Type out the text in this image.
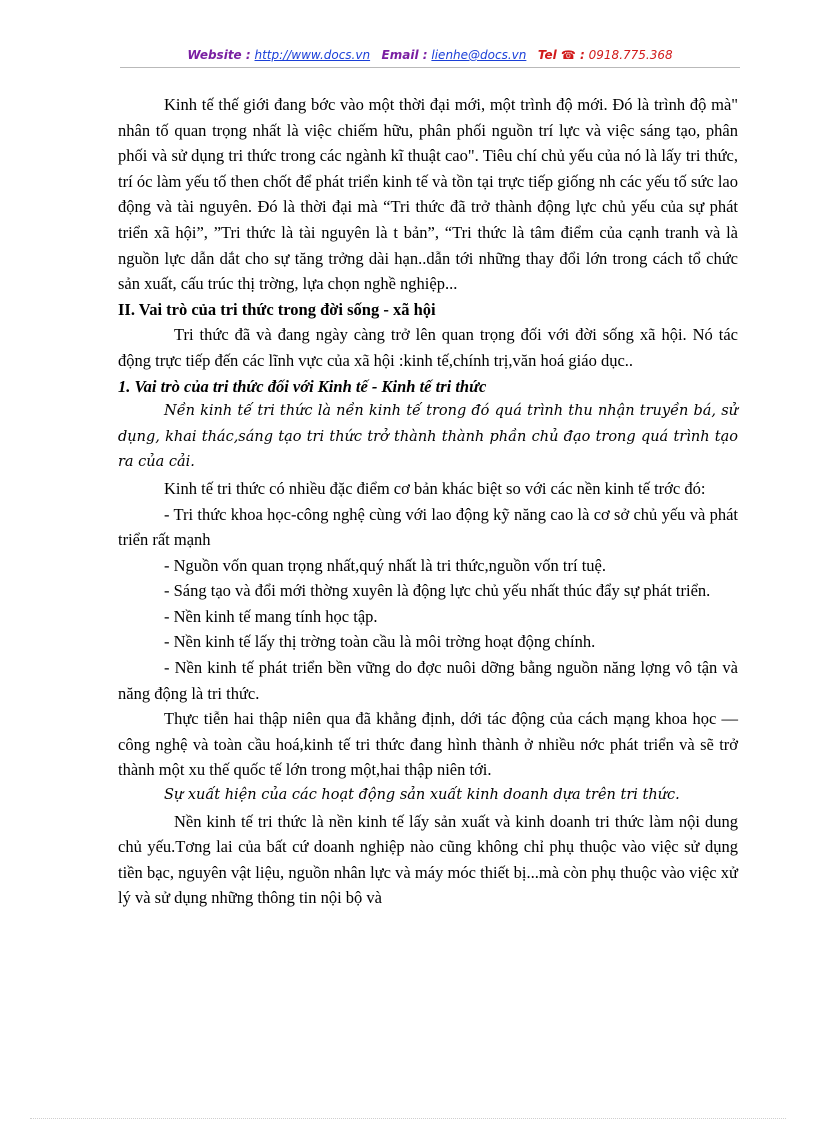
Website : http://www.docs.vn Email : lienhe@docs.vn Tel ☎ : 0918.775.368

Kinh tế thế giới đang bớc vào một thời đại mới, một trình độ mới. Đó là trình độ mà" nhân tố quan trọng nhất là việc chiếm hữu, phân phối nguồn trí lực và việc sáng tạo, phân phối và sử dụng tri thức trong các ngành kĩ thuật cao". Tiêu chí chủ yếu của nó là lấy tri thức, trí óc làm yếu tố then chốt để phát triển kinh tế và tồn tại trực tiếp giống nh các yếu tố sức lao động và tài nguyên. Đó là thời đại mà “Tri thức đã trở thành động lực chủ yếu của sự phát triển xã hội”, ”Tri thức là tài nguyên là t bản”, “Tri thức là tâm điểm của cạnh tranh và là nguồn lực dẫn dắt cho sự tăng trởng dài hạn..dẫn tới những thay đổi lớn trong cách tổ chức sản xuất, cấu trúc thị trờng, lựa chọn nghề nghiệp...

II. Vai trò của tri thức trong đời sống - xã hội

Tri thức đã và đang ngày càng trở lên quan trọng đối với đời sống xã hội. Nó tác động trực tiếp đến các lĩnh vực của xã hội :kinh tế,chính trị,văn hoá giáo dục..

1. Vai trò của tri thức đối với Kinh tế - Kinh tế tri thức

Nền kinh tế tri thức là nền kinh tế trong đó quá trình thu nhận truyền bá, sử dụng, khai thác,sáng tạo tri thức trở thành thành phần chủ đạo trong quá trình tạo ra của cải.

Kinh tế tri thức có nhiều đặc điểm cơ bản khác biệt so với các nền kinh tế trớc đó:

- Tri thức khoa học-công nghệ cùng với lao động kỹ năng cao là cơ sở chủ yếu và phát triển rất mạnh

- Nguồn vốn quan trọng nhất,quý nhất là tri thức,nguồn vốn trí tuệ.

- Sáng tạo và đổi mới thờng xuyên là động lực chủ yếu nhất thúc đẩy sự phát triển.

- Nền kinh tế mang tính học tập.

- Nền kinh tế lấy thị trờng toàn cầu là môi trờng hoạt động chính.

- Nền kinh tế phát triển bền vững do đợc nuôi dỡng bằng nguồn năng lợng vô tận và năng động là tri thức.

Thực tiễn hai thập niên qua đã khẳng định, dới tác động của cách mạng khoa học — công nghệ và toàn cầu hoá,kinh tế tri thức đang hình thành ở nhiều nớc phát triển và sẽ trở thành một xu thế quốc tế lớn trong một,hai thập niên tới.

Sự xuất hiện của các hoạt động sản xuất kinh doanh dựa trên tri thức.

Nền kinh tế tri thức là nền kinh tế lấy sản xuất và kinh doanh tri thức làm nội dung chủ yếu.Tơng lai của bất cứ doanh nghiệp nào cũng không chỉ phụ thuộc vào việc sử dụng tiền bạc, nguyên vật liệu, nguồn nhân lực và máy móc thiết bị...mà còn phụ thuộc vào việc xử lý và sử dụng những thông tin nội bộ và
